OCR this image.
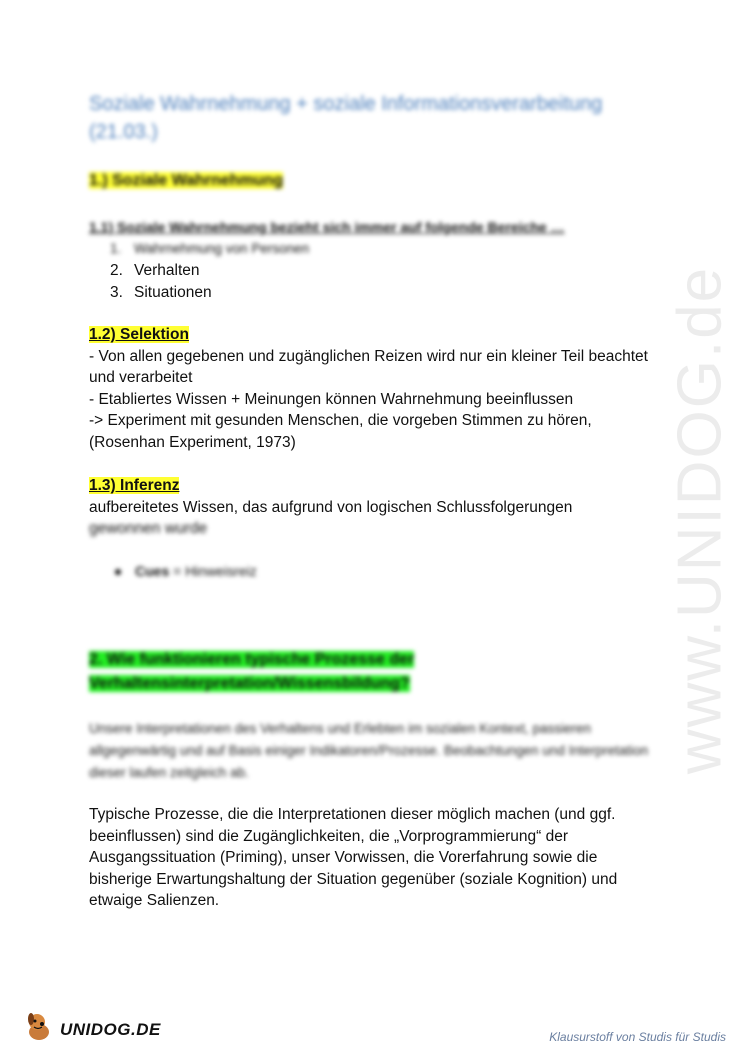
www.UNIDOG.de
Soziale Wahrnehmung + soziale Informationsverarbeitung (21.03.)
1.) Soziale Wahrnehmung
1.1) Soziale Wahrnehmung bezieht sich immer auf folgende Bereiche …
1. Wahrnehmung von Personen
2. Verhalten
3. Situationen
1.2) Selektion
- Von allen gegebenen und zugänglichen Reizen wird nur ein kleiner Teil beachtet und verarbeitet
- Etabliertes Wissen + Meinungen können Wahrnehmung beeinflussen
-> Experiment mit gesunden Menschen, die vorgeben Stimmen zu hören, (Rosenhan Experiment, 1973)
1.3) Inferenz
aufbereitetes Wissen, das aufgrund von logischen Schlussfolgerungen
gewonnen wurde
Cues = Hinweisreiz
2. Wie funktionieren typische Prozesse der Verhaltensinterpretation/Wissensbildung?
Unsere Interpretationen des Verhaltens und Erlebten im sozialen Kontext, passieren allgegenwärtig und auf Basis einiger Indikatoren/Prozesse. Beobachtungen und Interpretation dieser laufen zeitgleich ab.
Typische Prozesse, die die Interpretationen dieser möglich machen (und ggf. beeinflussen) sind die Zugänglichkeiten, die „Vorprogrammierung“ der Ausgangssituation (Priming), unser Vorwissen, die Vorerfahrung sowie die bisherige Erwartungshaltung der Situation gegenüber (soziale Kognition) und etwaige Salienzen.
UNIDOG.DE	Klausurstoff von Studis für Studis
